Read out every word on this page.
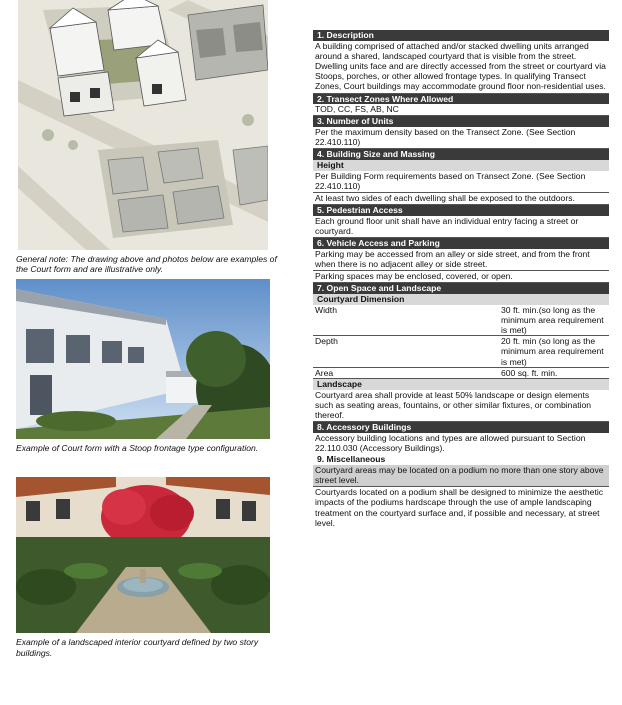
General note: The drawing above and photos below are examples of the Court form and are illustrative only.
Example of Court form with a Stoop frontage type configuration.
Example of a landscaped interior courtyard defined by two story buildings.
1. Description
A building comprised of attached and/or stacked dwelling units arranged around a shared, landscaped courtyard that is visible from the street. Dwelling units face and are directly accessed from the street or courtyard via Stoops, porches, or other allowed frontage types. In qualifying Transect Zones, Court buildings may accommodate ground floor non-residential uses.
2. Transect Zones Where Allowed
TOD, CC, FS, AB, NC
3. Number of Units
Per the maximum density based on the Transect Zone. (See Section 22.410.110)
4. Building Size and Massing
Height
Per Building Form requirements based on Transect Zone. (See Section 22.410.110)
At least two sides of each dwelling shall be exposed to the outdoors.
5. Pedestrian Access
Each ground floor unit shall have an individual entry facing a street or courtyard.
6. Vehicle Access and Parking
Parking may be accessed from an alley or side street, and from the front when there is no adjacent alley or side street.
Parking spaces may be enclosed, covered, or open.
7. Open Space and Landscape
Courtyard Dimension
Width	30 ft. min.(so long as the minimum area requirement is met)
Depth	20 ft. min (so long as the minimum area requirement is met)
Area	600 sq. ft. min.
Landscape
Courtyard area shall provide at least 50% landscape or design elements such as seating areas, fountains, or other similar fixtures, or combination thereof.
8. Accessory Buildings
Accessory building locations and types are allowed pursuant to Section 22.110.030 (Accessory Buildings).
9. Miscellaneous
Courtyard areas may be located on a podium no more than one story above street level.
Courtyards located on a podium shall be designed to minimize the aesthetic impacts of the podiums hardscape through the use of ample landscaping treatment on the courtyard surface and, if possible and necessary, at street level.
